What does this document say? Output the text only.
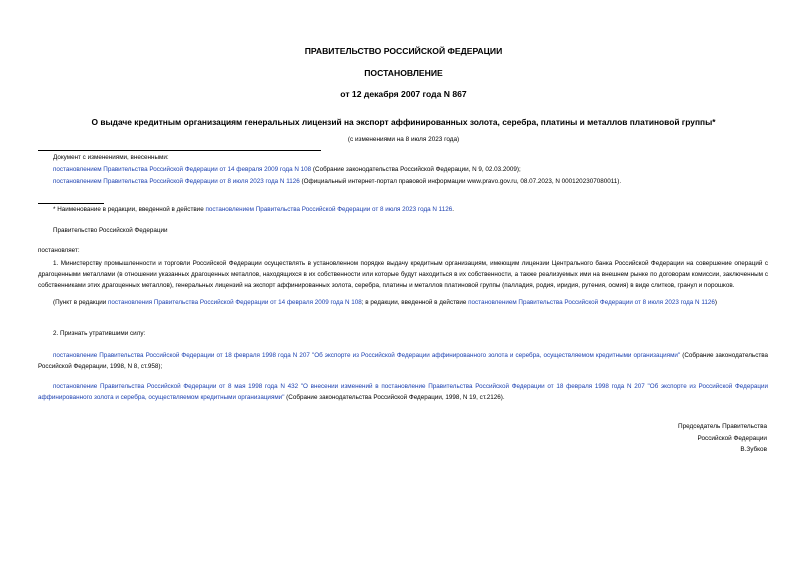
ПРАВИТЕЛЬСТВО РОССИЙСКОЙ ФЕДЕРАЦИИ
ПОСТАНОВЛЕНИЕ
от 12 декабря 2007 года N 867
О выдаче кредитным организациям генеральных лицензий на экспорт аффинированных золота, серебра, платины и металлов платиновой группы*
(с изменениями на 8 июля 2023 года)
Документ с изменениями, внесенными:
постановлением Правительства Российской Федерации от 14 февраля 2009 года N 108 (Собрание законодательства Российской Федерации, N 9, 02.03.2009);
постановлением Правительства Российской Федерации от 8 июля 2023 года N 1126 (Официальный интернет-портал правовой информации www.pravo.gov.ru, 08.07.2023, N 0001202307080011).
* Наименование в редакции, введенной в действие постановлением Правительства Российской Федерации от 8 июля 2023 года N 1126.
Правительство Российской Федерации
постановляет:
1. Министерству промышленности и торговли Российской Федерации осуществлять в установленном порядке выдачу кредитным организациям, имеющим лицензии Центрального банка Российской Федерации на совершение операций с драгоценными металлами (в отношении указанных драгоценных металлов, находящихся в их собственности или которые будут находиться в их собственности, а также реализуемых ими на внешнем рынке по договорам комиссии, заключенным с собственниками этих драгоценных металлов), генеральных лицензий на экспорт аффинированных золота, серебра, платины и металлов платиновой группы (палладия, родия, иридия, рутения, осмия) в виде слитков, гранул и порошков.
(Пункт в редакции постановления Правительства Российской Федерации от 14 февраля 2009 года N 108; в редакции, введенной в действие постановлением Правительства Российской Федерации от 8 июля 2023 года N 1126)
2. Признать утратившими силу:
постановление Правительства Российской Федерации от 18 февраля 1998 года N 207 "Об экспорте из Российской Федерации аффинированного золота и серебра, осуществляемом кредитными организациями" (Собрание законодательства Российской Федерации, 1998, N 8, ст.958);
постановление Правительства Российской Федерации от 8 мая 1998 года N 432 "О внесении изменений в постановление Правительства Российской Федерации от 18 февраля 1998 года N 207 "Об экспорте из Российской Федерации аффинированного золота и серебра, осуществляемом кредитными организациями" (Собрание законодательства Российской Федерации, 1998, N 19, ст.2126).
Председатель Правительства
Российской Федерации
В.Зубков
